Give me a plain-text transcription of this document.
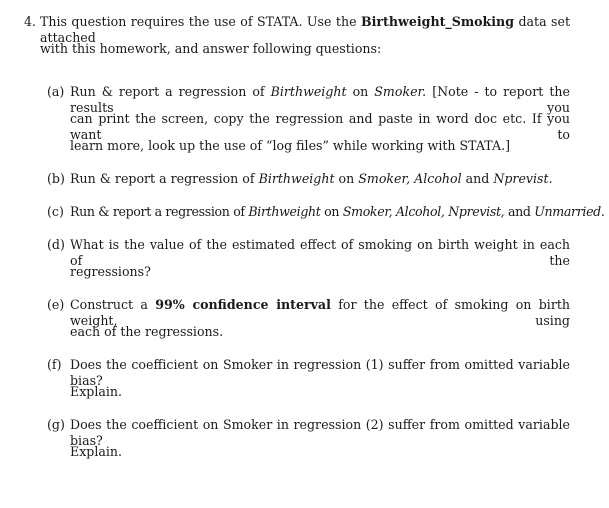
4. This question requires the use of STATA. Use the Birthweight_Smoking data set attached
with this homework, and answer following questions:
(a) Run & report a regression of Birthweight on Smoker. [Note - to report the results you
can print the screen, copy the regression and paste in word doc etc. If you want to
learn more, look up the use of “log files” while working with STATA.]
(b) Run & report a regression of Birthweight on Smoker, Alcohol and Nprevist.
(c) Run & report a regression of Birthweight on Smoker, Alcohol, Nprevist, and Unmarried.
(d) What is the value of the estimated effect of smoking on birth weight in each of the
regressions?
(e) Construct a 99% confidence interval for the effect of smoking on birth weight, using
each of the regressions.
(f) Does the coefficient on Smoker in regression (1) suffer from omitted variable bias?
Explain.
(g) Does the coefficient on Smoker in regression (2) suffer from omitted variable bias?
Explain.
